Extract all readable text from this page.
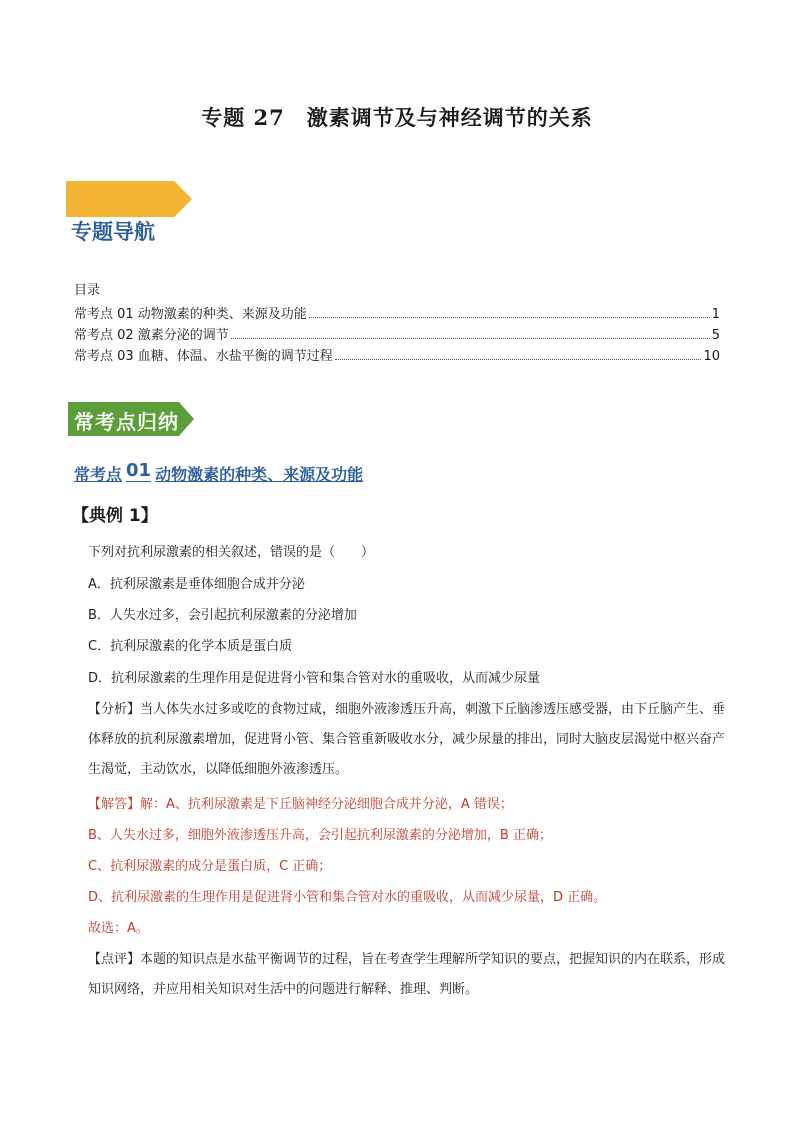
专题 27　激素调节及与神经调节的关系
专题导航
目录
常考点 01 动物激素的种类、来源及功能	1
常考点 02 激素分泌的调节	5
常考点 03 血糖、体温、水盐平衡的调节过程	10
常考点归纳
常考点 01 动物激素的种类、来源及功能
【典例 1】
下列对抗利尿激素的相关叙述，错误的是（　　）
A．抗利尿激素是垂体细胞合成并分泌
B．人失水过多，会引起抗利尿激素的分泌增加
C．抗利尿激素的化学本质是蛋白质
D．抗利尿激素的生理作用是促进肾小管和集合管对水的重吸收，从而减少尿量
【分析】当人体失水过多或吃的食物过咸，细胞外液渗透压升高，刺激下丘脑渗透压感受器，由下丘脑产生、垂体释放的抗利尿激素增加，促进肾小管、集合管重新吸收水分，减少尿量的排出，同时大脑皮层渴觉中枢兴奋产生渴觉，主动饮水，以降低细胞外液渗透压。
【解答】解：A、抗利尿激素是下丘脑神经分泌细胞合成并分泌，A 错误；
B、人失水过多，细胞外液渗透压升高，会引起抗利尿激素的分泌增加，B 正确；
C、抗利尿激素的成分是蛋白质，C 正确；
D、抗利尿激素的生理作用是促进肾小管和集合管对水的重吸收，从而减少尿量，D 正确。
故选：A。
【点评】本题的知识点是水盐平衡调节的过程，旨在考查学生理解所学知识的要点，把握知识的内在联系，形成知识网络，并应用相关知识对生活中的问题进行解释、推理、判断。
